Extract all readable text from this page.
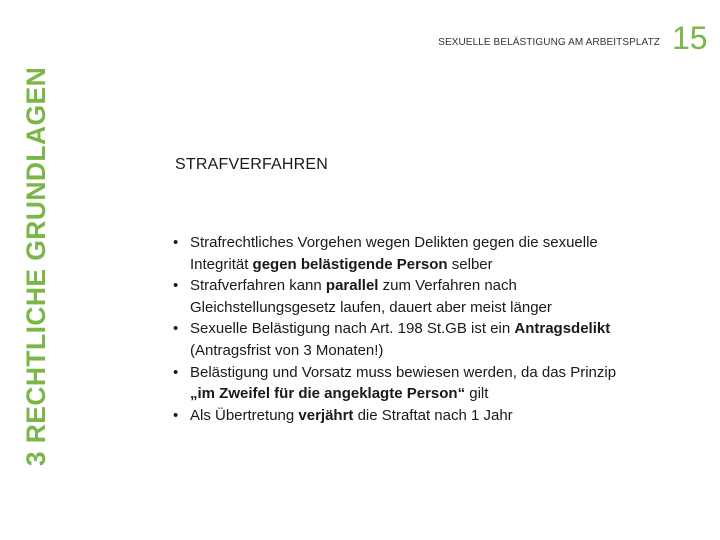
3 RECHTLICHE GRUNDLAGEN
SEXUELLE BELÄSTIGUNG AM ARBEITSPLATZ 15
STRAFVERFAHREN
• Strafrechtliches Vorgehen wegen Delikten gegen die sexuelle Integrität gegen belästigende Person selber
• Strafverfahren kann parallel zum Verfahren nach Gleichstellungsgesetz laufen, dauert aber meist länger
• Sexuelle Belästigung nach Art. 198 St.GB ist ein Antragsdelikt (Antragsfrist von 3 Monaten!)
• Belästigung und Vorsatz muss bewiesen werden, da das Prinzip „im Zweifel für die angeklagte Person“ gilt
• Als Übertretung verjährt die Straftat nach 1 Jahr
